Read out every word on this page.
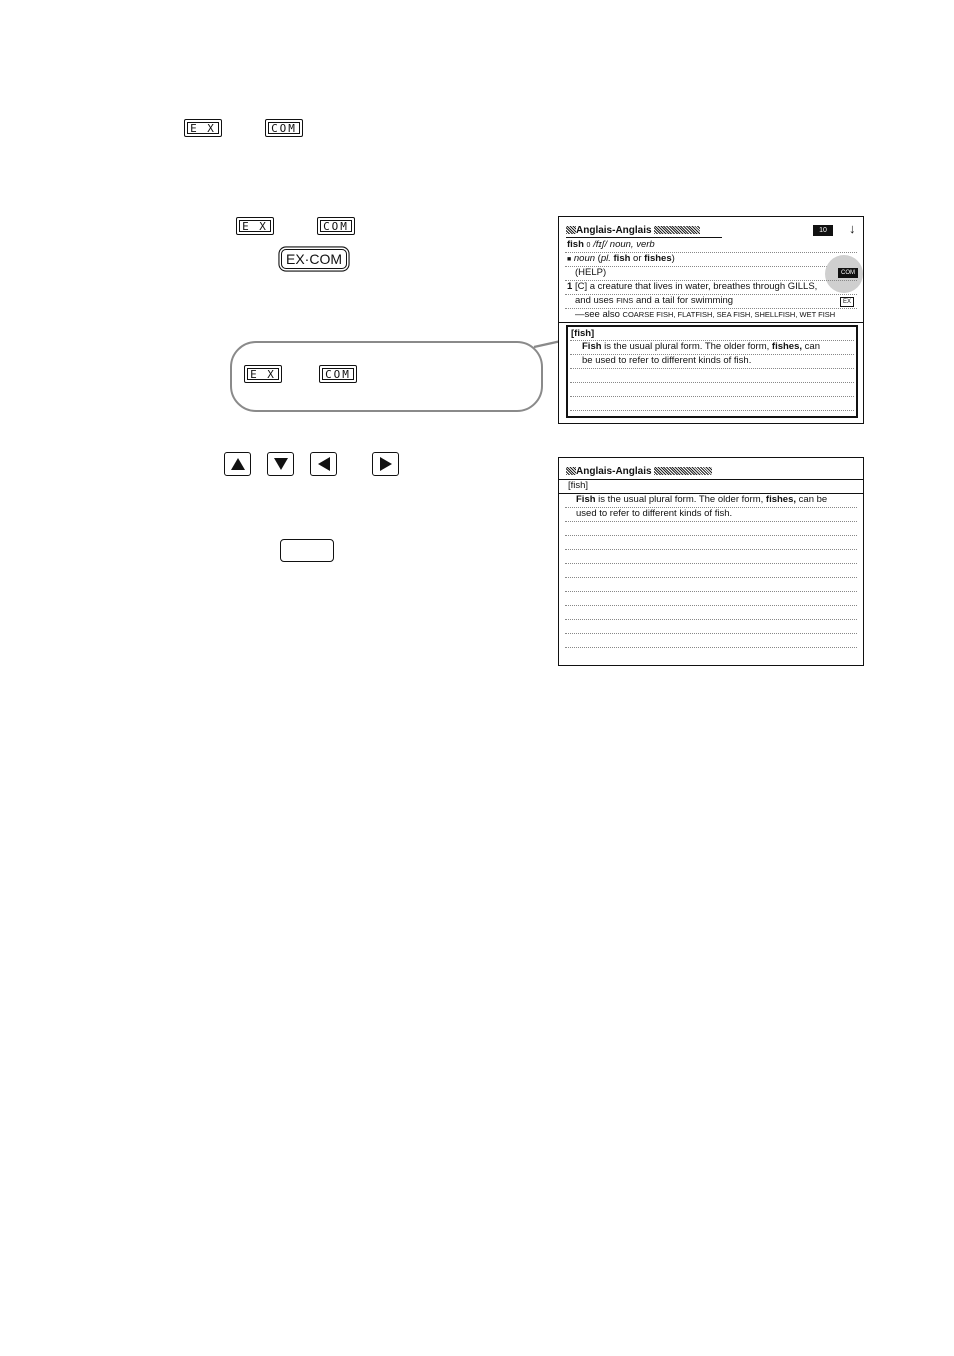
E X	COM
E X	COM
EX·COM
E X	COM
Anglais-Anglais	10	↓
fish 0 /fɪʃ/ noun, verb
■ noun (pl. fish or fishes)
(HELP)	COM
1 [C] a creature that lives in water, breathes through GILLS,
and uses FINS and a tail for swimming	EX
—see also COARSE FISH, FLATFISH, SEA FISH, SHELLFISH, WET FISH
[fish]
Fish is the usual plural form. The older form, fishes, can
be used to refer to different kinds of fish.
Anglais-Anglais
[fish]
Fish is the usual plural form. The older form, fishes, can be
used to refer to different kinds of fish.
